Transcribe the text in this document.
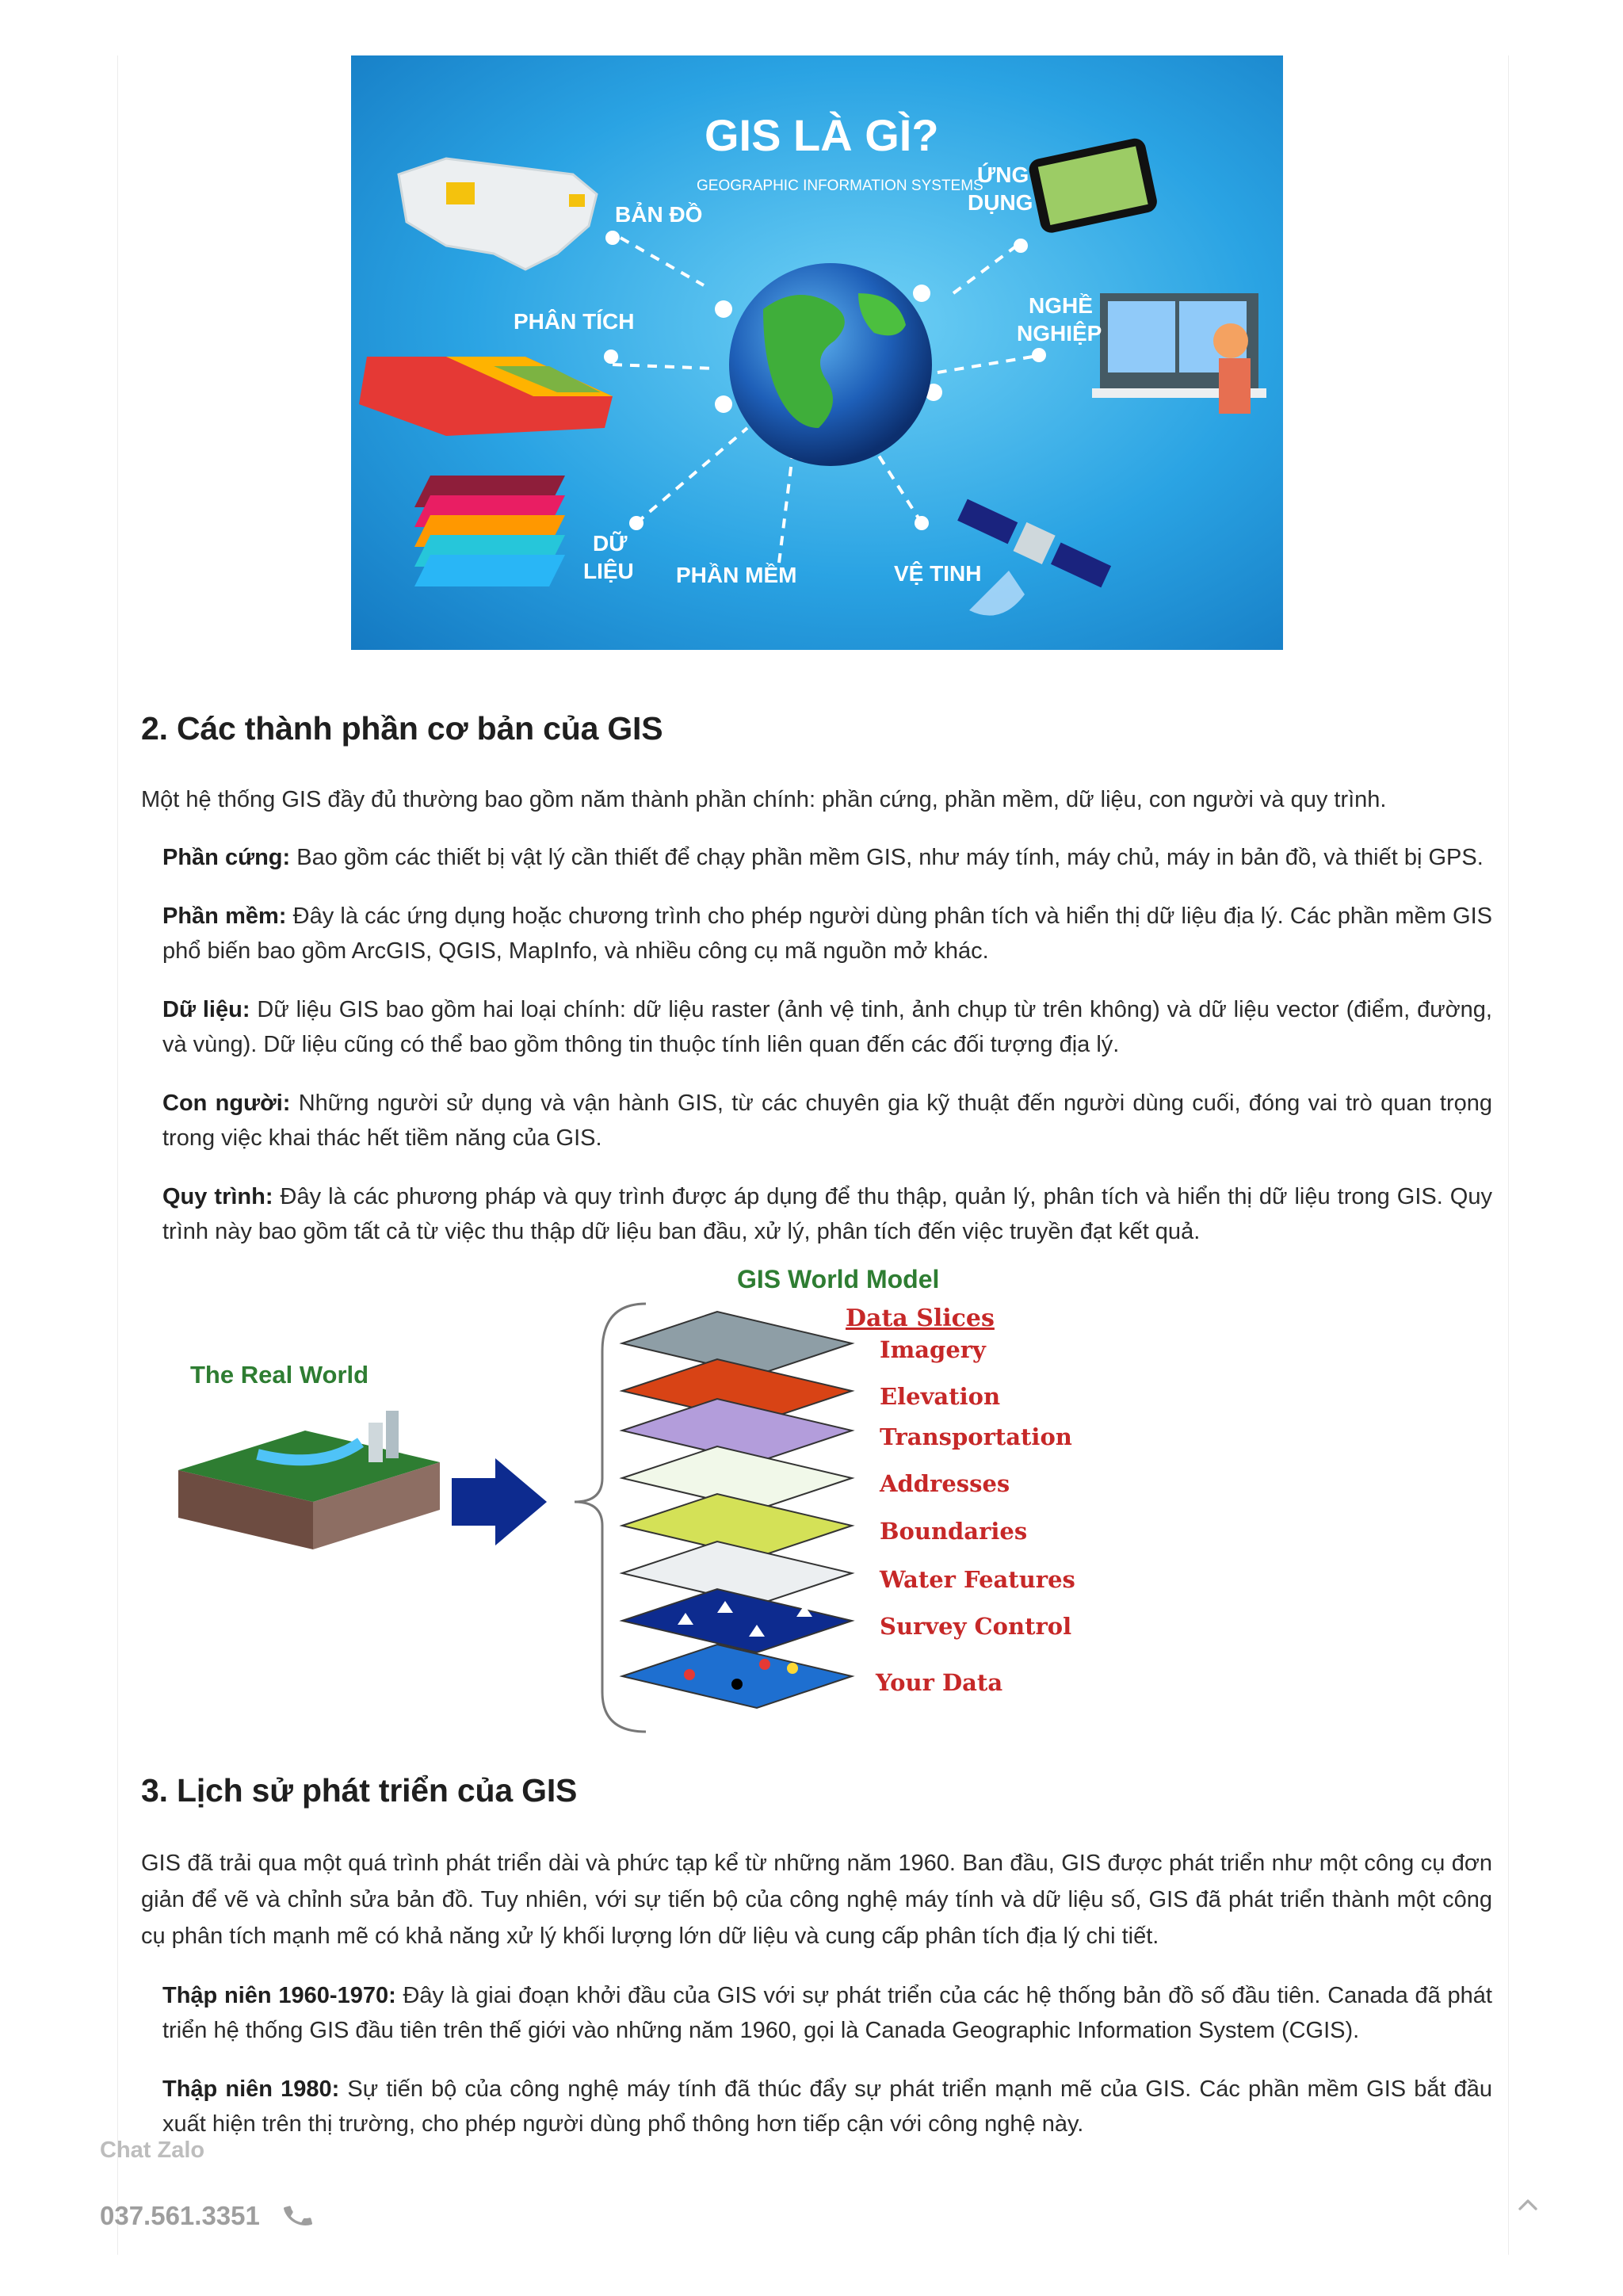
GIS LÀ GÌ?
GEOGRAPHIC INFORMATION SYSTEMS
BẢN ĐỒ
ỨNG
DỤNG
PHÂN TÍCH
NGHỀ
NGHIỆP
DỮ
LIỆU PHẦN MỀM	VỆ TINH
2. Các thành phần cơ bản của GIS

Một hệ thống GIS đầy đủ thường bao gồm năm thành phần chính: phần cứng, phần mềm, dữ liệu, con người và quy trình.

Phần cứng: Bao gồm các thiết bị vật lý cần thiết để chạy phần mềm GIS, như máy tính, máy chủ, máy in bản đồ, và thiết bị GPS.

Phần mềm: Đây là các ứng dụng hoặc chương trình cho phép người dùng phân tích và hiển thị dữ liệu địa lý. Các phần mềm GIS phổ biến bao gồm ArcGIS, QGIS, MapInfo, và nhiều công cụ mã nguồn mở khác.

Dữ liệu: Dữ liệu GIS bao gồm hai loại chính: dữ liệu raster (ảnh vệ tinh, ảnh chụp từ trên không) và dữ liệu vector (điểm, đường, và vùng). Dữ liệu cũng có thể bao gồm thông tin thuộc tính liên quan đến các đối tượng địa lý.

Con người: Những người sử dụng và vận hành GIS, từ các chuyên gia kỹ thuật đến người dùng cuối, đóng vai trò quan trọng trong việc khai thác hết tiềm năng của GIS.

Quy trình: Đây là các phương pháp và quy trình được áp dụng để thu thập, quản lý, phân tích và hiển thị dữ liệu trong GIS. Quy trình này bao gồm tất cả từ việc thu thập dữ liệu ban đầu, xử lý, phân tích đến việc truyền đạt kết quả.

The Real World
GIS World Model
Data Slices
Imagery
Elevation
Transportation
Addresses
Boundaries
Water Features
Survey Control
Your Data
3. Lịch sử phát triển của GIS

GIS đã trải qua một quá trình phát triển dài và phức tạp kể từ những năm 1960. Ban đầu, GIS được phát triển như một công cụ đơn giản để vẽ và chỉnh sửa bản đồ. Tuy nhiên, với sự tiến bộ của công nghệ máy tính và dữ liệu số, GIS đã phát triển thành một công cụ phân tích mạnh mẽ có khả năng xử lý khối lượng lớn dữ liệu và cung cấp phân tích địa lý chi tiết.

Thập niên 1960-1970: Đây là giai đoạn khởi đầu của GIS với sự phát triển của các hệ thống bản đồ số đầu tiên. Canada đã phát triển hệ thống GIS đầu tiên trên thế giới vào những năm 1960, gọi là Canada Geographic Information System (CGIS).

Thập niên 1980: Sự tiến bộ của công nghệ máy tính đã thúc đẩy sự phát triển mạnh mẽ của GIS. Các phần mềm GIS bắt đầu xuất hiện trên thị trường, cho phép người dùng phổ thông hơn tiếp cận với công nghệ này.

Chat Zalo
037.561.3351
